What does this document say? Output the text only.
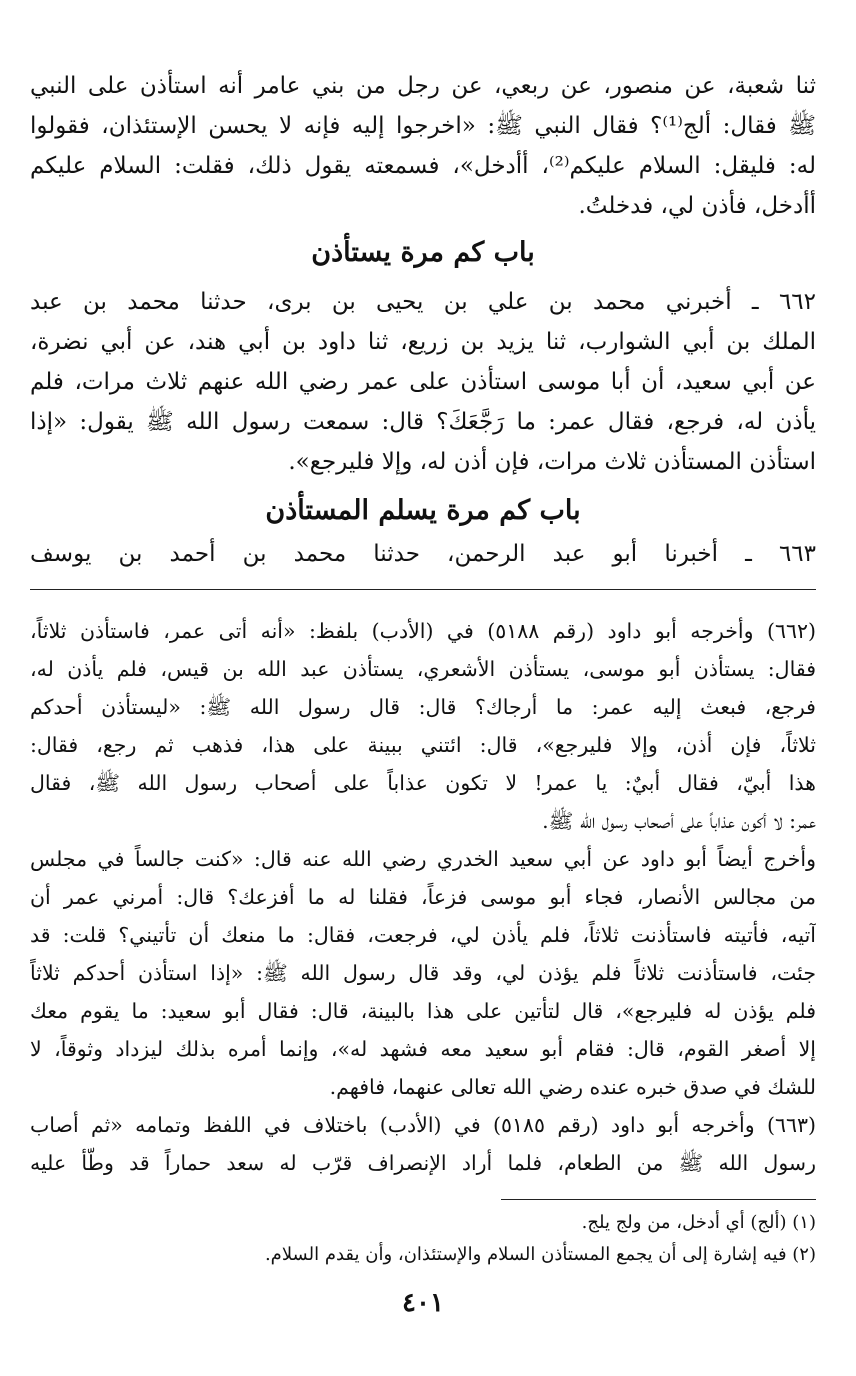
ثنا شعبة، عن منصور، عن ربعي، عن رجل من بني عامر أنه استأذن على النبي
ﷺ فقال: ألج⁽¹⁾؟ فقال النبي ﷺ: «اخرجوا إليه فإنه لا يحسن الإستئذان، فقولوا
له: فليقل: السلام عليكم⁽²⁾، أأدخل»، فسمعته يقول ذلك، فقلت: السلام عليكم
أأدخل، فأذن لي، فدخلتُ.
باب كم مرة يستأذن
٦٦٢ ـ أخبرني محمد بن علي بن يحيى بن برى، حدثنا محمد بن عبد
الملك بن أبي الشوارب، ثنا يزيد بن زريع، ثنا داود بن أبي هند، عن أبي نضرة،
عن أبي سعيد، أن أبا موسى استأذن على عمر رضي الله عنهم ثلاث مرات، فلم
يأذن له، فرجع، فقال عمر: ما رَجَّعَكَ؟ قال: سمعت رسول الله ﷺ يقول: «إذا
استأذن المستأذن ثلاث مرات، فإن أذن له، وإلا فليرجع».
باب كم مرة يسلم المستأذن
٦٦٣ ـ أخبرنا أبو عبد الرحمن، حدثنا محمد بن أحمد بن يوسف
(٦٦٢) وأخرجه أبو داود (رقم ٥١٨٨) في (الأدب) بلفظ: «أنه أتى عمر، فاستأذن ثلاثاً،
فقال: يستأذن أبو موسى، يستأذن الأشعري، يستأذن عبد الله بن قيس، فلم يأذن له،
فرجع، فبعث إليه عمر: ما أرجاك؟ قال: قال رسول الله ﷺ: «ليستأذن أحدكم
ثلاثاً، فإن أذن، وإلا فليرجع»، قال: ائتني ببينة على هذا، فذهب ثم رجع، فقال:
هذا أبيّ، فقال أبيٌ: يا عمر! لا تكون عذاباً على أصحاب رسول الله ﷺ، فقال
عمر: لا أكون عذاباً على أصحاب رسول الله ﷺ.
وأخرج أيضاً أبو داود عن أبي سعيد الخدري رضي الله عنه قال: «كنت جالساً في مجلس
من مجالس الأنصار، فجاء أبو موسى فزعاً، فقلنا له ما أفزعك؟ قال: أمرني عمر أن
آتيه، فأتيته فاستأذنت ثلاثاً، فلم يأذن لي، فرجعت، فقال: ما منعك أن تأتيني؟ قلت: قد
جئت، فاستأذنت ثلاثاً فلم يؤذن لي، وقد قال رسول الله ﷺ: «إذا استأذن أحدكم ثلاثاً
فلم يؤذن له فليرجع»، قال لتأتين على هذا بالبينة، قال: فقال أبو سعيد: ما يقوم معك
إلا أصغر القوم، قال: فقام أبو سعيد معه فشهد له»، وإنما أمره بذلك ليزداد وثوقاً، لا
للشك في صدق خبره عنده رضي الله تعالى عنهما، فافهم.
(٦٦٣) وأخرجه أبو داود (رقم ٥١٨٥) في (الأدب) باختلاف في اللفظ وتمامه «ثم أصاب
رسول الله ﷺ من الطعام، فلما أراد الإنصراف قرّب له سعد حماراً قد وطّأ عليه
(١) (ألج) أي أدخل، من ولج يلج.
(٢) فيه إشارة إلى أن يجمع المستأذن السلام والإستئذان، وأن يقدم السلام.
٤٠١
